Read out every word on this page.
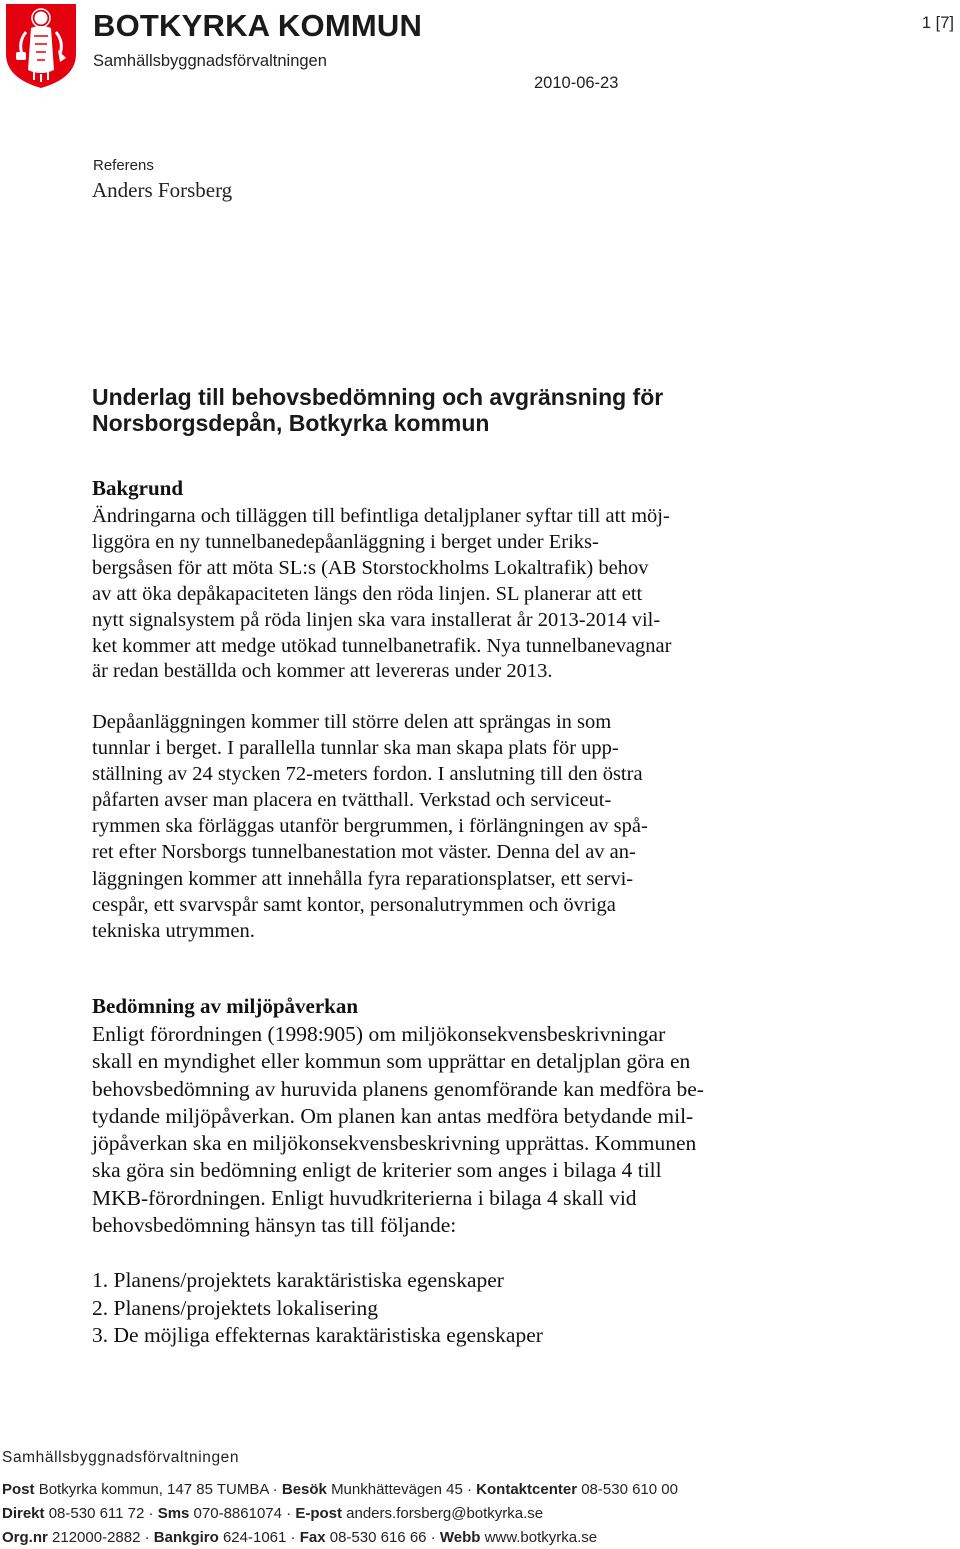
BOTKYRKA KOMMUN
Samhällsbyggnadsförvaltningen
1 [7]
2010-06-23
Referens
Anders Forsberg
Underlag till behovsbedömning och avgränsning för Norsborgsdepån, Botkyrka kommun
Bakgrund
Ändringarna och tilläggen till befintliga detaljplaner syftar till att möj-
liggöra en ny tunnelbanedepåanläggning i berget under Eriks-
bergsåsen för att möta SL:s (AB Storstockholms Lokaltrafik) behov
av att öka depåkapaciteten längs den röda linjen. SL planerar att ett
nytt signalsystem på röda linjen ska vara installerat år 2013-2014 vil-
ket kommer att medge utökad tunnelbanetrafik. Nya tunnelbanevagnar
är redan beställda och kommer att levereras under 2013.
Depåanläggningen kommer till större delen att sprängas in som
tunnlar i berget. I parallella tunnlar ska man skapa plats för upp-
ställning av 24 stycken 72-meters fordon. I anslutning till den östra
påfarten avser man placera en tvätthall. Verkstad och serviceut-
rymmen ska förläggas utanför bergrummen, i förlängningen av spå-
ret efter Norsborgs tunnelbanestation mot väster. Denna del av an-
läggningen kommer att innehålla fyra reparationsplatser, ett servi-
cespår, ett svarvspår samt kontor, personalutrymmen och övriga
tekniska utrymmen.
Bedömning av miljöpåverkan
Enligt förordningen (1998:905) om miljökonsekvensbeskrivningar
skall en myndighet eller kommun som upprättar en detaljplan göra en
behovsbedömning av huruvida planens genomförande kan medföra be-
tydande miljöpåverkan. Om planen kan antas medföra betydande mil-
jöpåverkan ska en miljökonsekvensbeskrivning upprättas. Kommunen
ska göra sin bedömning enligt de kriterier som anges i bilaga 4 till
MKB-förordningen. Enligt huvudkriterierna i bilaga 4 skall vid
behovsbedömning hänsyn tas till följande:
1. Planens/projektets karaktäristiska egenskaper
2. Planens/projektets lokalisering
3. De möjliga effekternas karaktäristiska egenskaper
Samhällsbyggnadsförvaltningen
Post Botkyrka kommun, 147 85 TUMBA · Besök Munkhättevägen 45 · Kontaktcenter 08-530 610 00
Direkt 08-530 611 72 · Sms 070-8861074 · E-post anders.forsberg@botkyrka.se
Org.nr 212000-2882 · Bankgiro 624-1061 · Fax 08-530 616 66 · Webb www.botkyrka.se
